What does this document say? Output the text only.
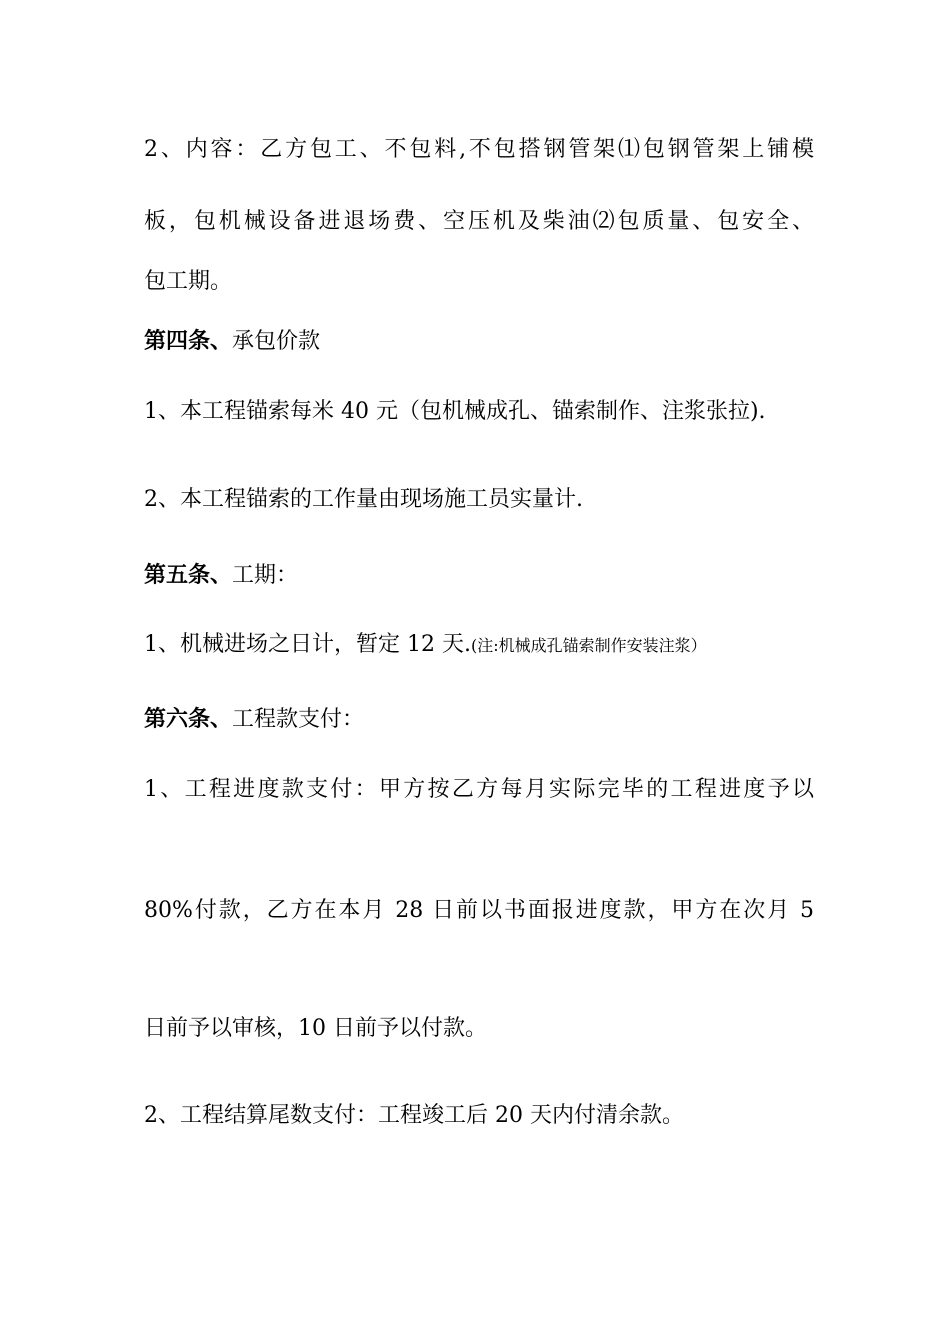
2、内容：乙方包工、不包料,不包搭钢管架⑴包钢管架上铺模
板，包机械设备进退场费、空压机及柴油⑵包质量、包安全、
包工期。
第四条、承包价款
1、本工程锚索每米 40 元（包机械成孔、锚索制作、注浆张拉).
2、本工程锚索的工作量由现场施工员实量计.
第五条、工期：
1、机械进场之日计，暂定 12 天.(注:机械成孔锚索制作安装注浆）
第六条、工程款支付：
1、工程进度款支付：甲方按乙方每月实际完毕的工程进度予以
80%付款，乙方在本月 28 日前以书面报进度款，甲方在次月 5
日前予以审核，10 日前予以付款。
2、工程结算尾数支付：工程竣工后 20 天内付清余款。
